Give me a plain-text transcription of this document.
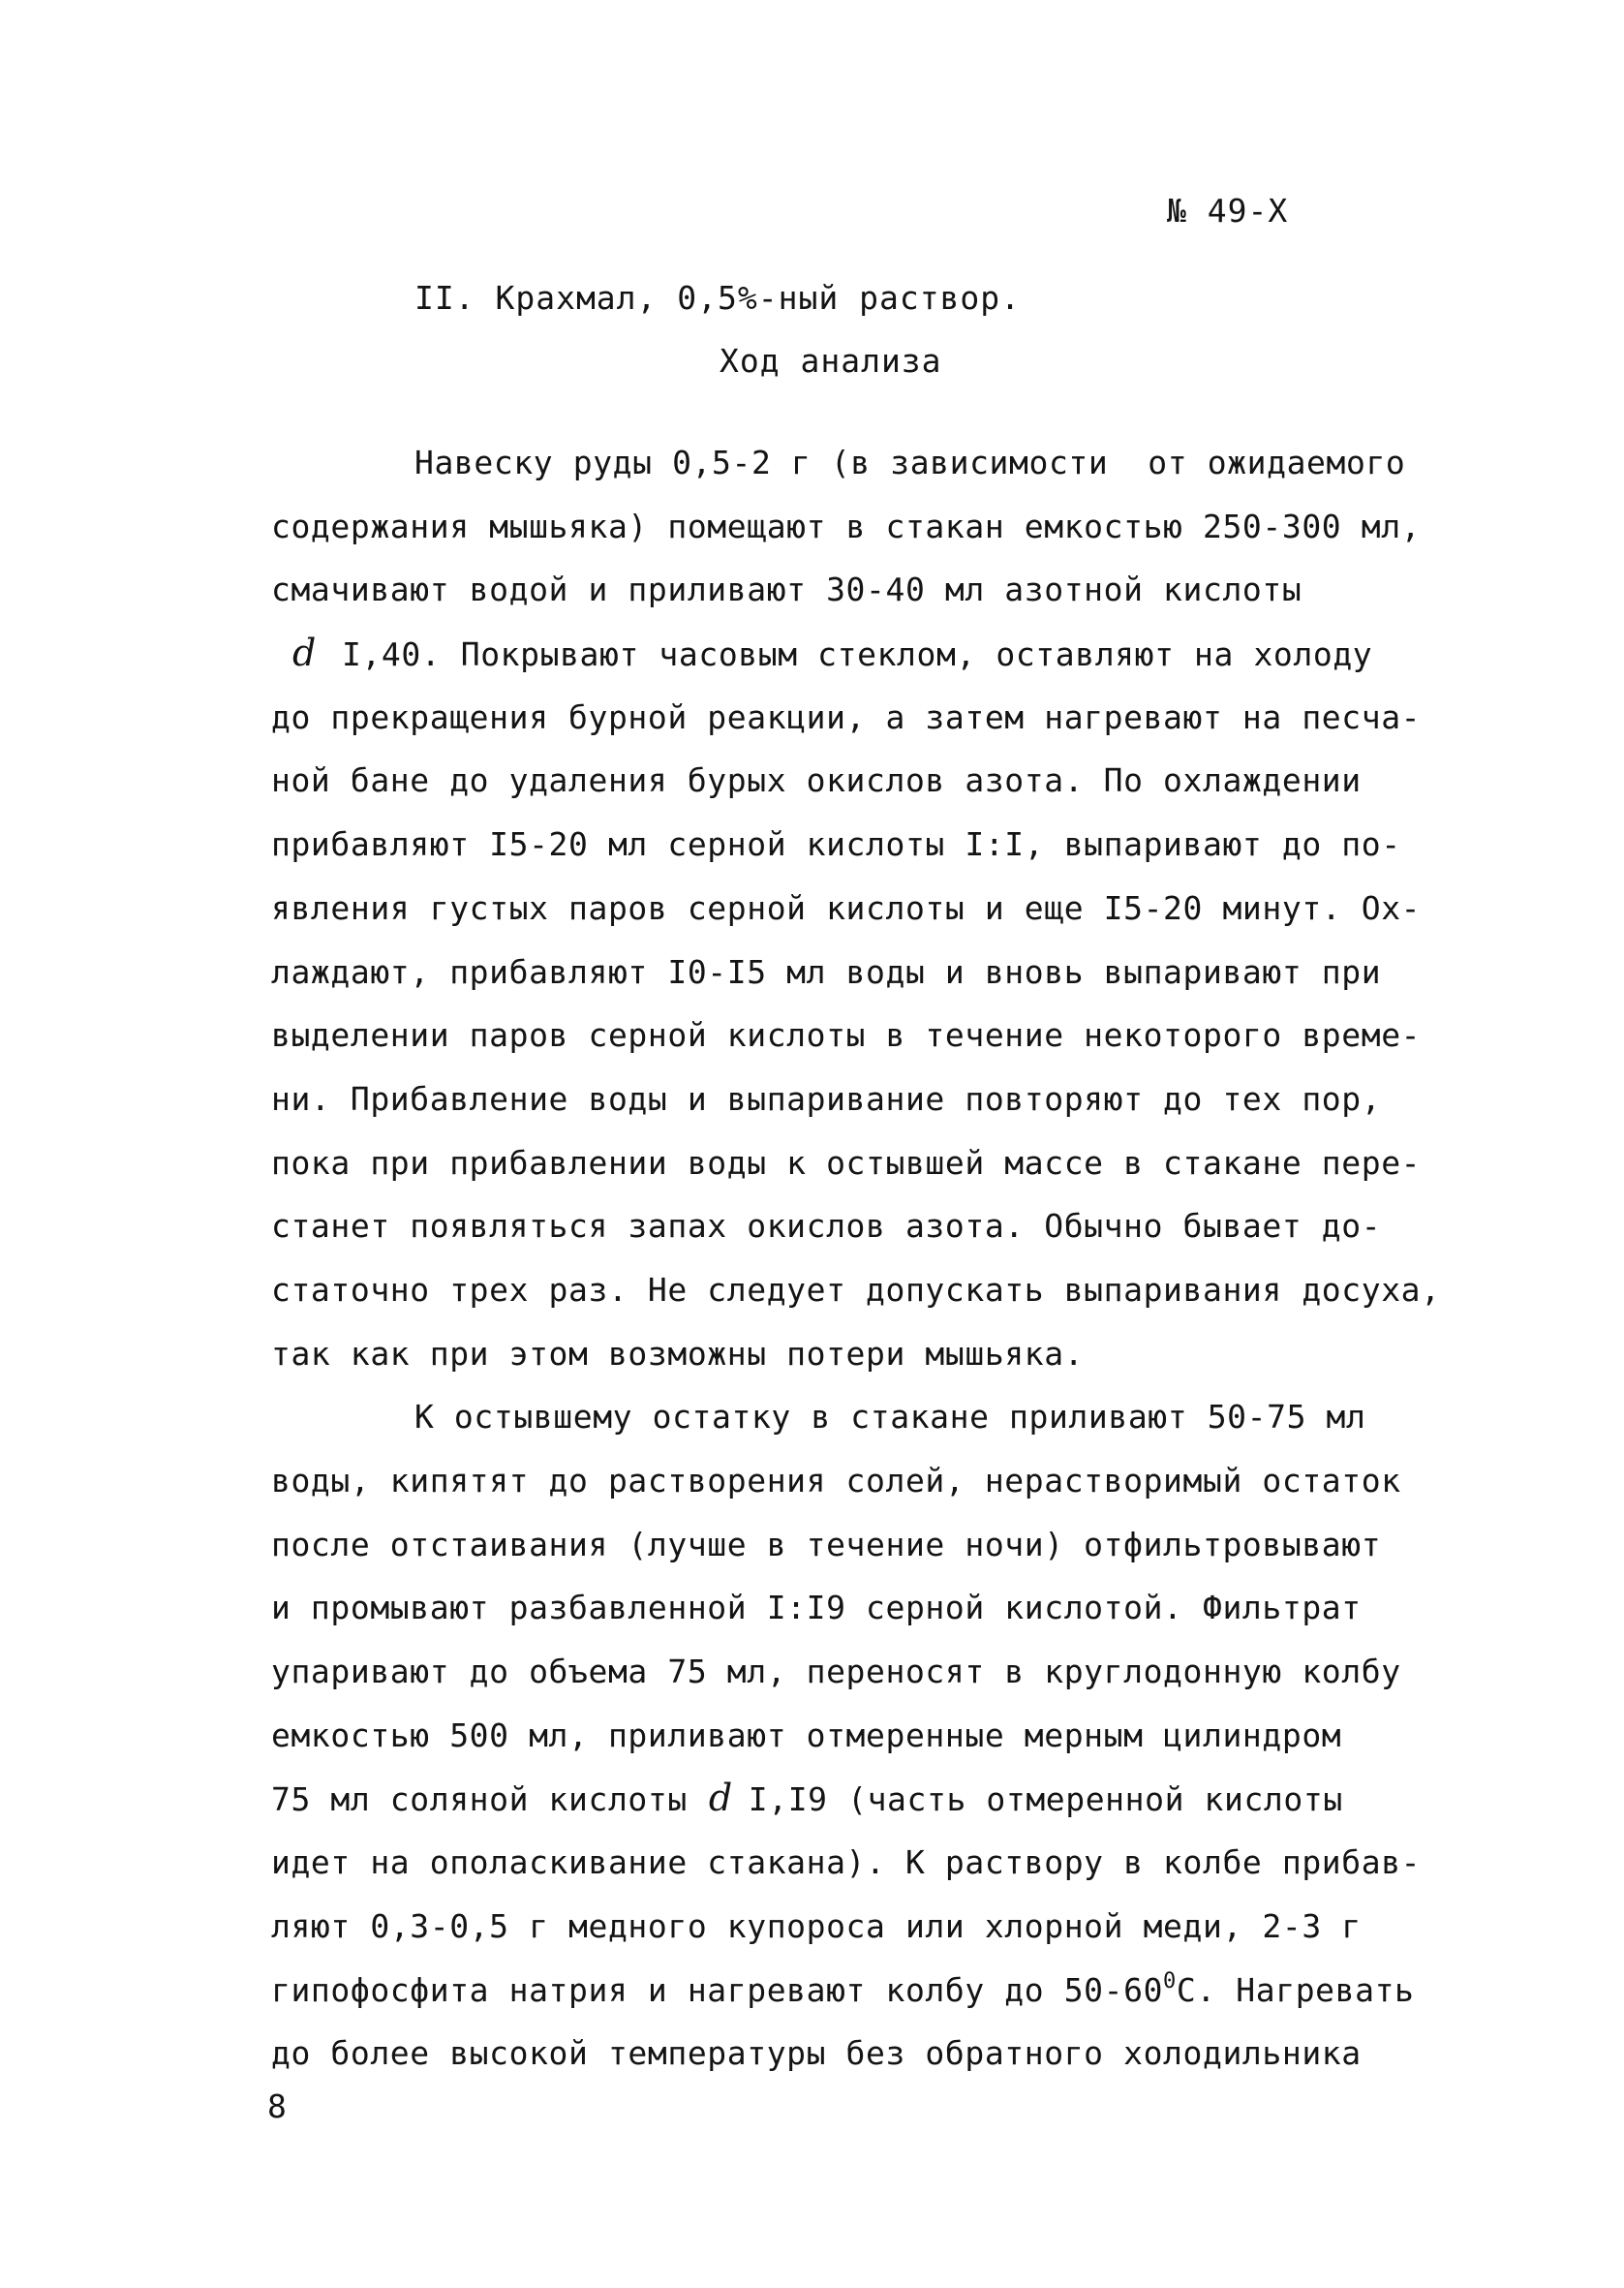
№ 49-Х
II. Крахмал, 0,5%-ный раствор.
Ход анализа
Навеску руды 0,5-2 г (в зависимости  от ожидаемого
содержания мышьяка) помещают в стакан емкостью 250-300 мл,
смачивают водой и приливают 30-40 мл азотной кислоты
d I,40. Покрывают часовым стеклом, оставляют на холоду
до прекращения бурной реакции, а затем нагревают на песча-
ной бане до удаления бурых окислов азота. По охлаждении
прибавляют I5-20 мл серной кислоты I:I, выпаривают до по-
явления густых паров серной кислоты и еще I5-20 минут. Ох-
лаждают, прибавляют I0-I5 мл воды и вновь выпаривают при
выделении паров серной кислоты в течение некоторого време-
ни. Прибавление воды и выпаривание повторяют до тех пор,
пока при прибавлении воды к остывшей массе в стакане пере-
станет появляться запах окислов азота. Обычно бывает до-
статочно трех раз. Не следует допускать выпаривания досуха,
так как при этом возможны потери мышьяка.
К остывшему остатку в стакане приливают 50-75 мл
воды, кипятят до растворения солей, нерастворимый остаток
после отстаивания (лучше в течение ночи) отфильтровывают
и промывают разбавленной I:I9 серной кислотой. Фильтрат
упаривают до объема 75 мл, переносят в круглодонную колбу
емкостью 500 мл, приливают отмеренные мерным цилиндром
75 мл соляной кислоты d I,I9 (часть отмеренной кислоты
идет на ополаскивание стакана). К раствору в колбе прибав-
ляют 0,3-0,5 г медного купороса или хлорной меди, 2-3 г
гипофосфита натрия и нагревают колбу до $50-60^0С$. Нагревать
до более высокой температуры без обратного холодильника
8
